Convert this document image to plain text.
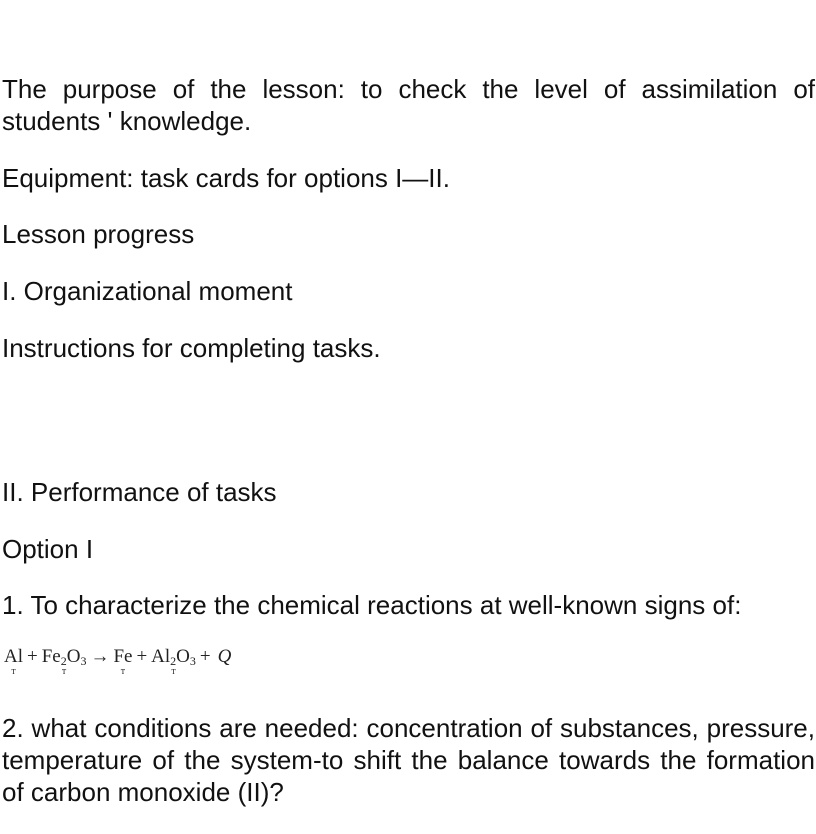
The purpose of the lesson: to check the level of assimilation of students ' knowledge.

Equipment: task cards for options I—II.

Lesson progress

I. Organizational moment

Instructions for completing tasks.

II. Performance of tasks

Option I

1. To characterize the chemical reactions at well-known signs of:

Al
т
+ $Fe_2O_3$
т
→ Fe
т
+ $Al_2O_3$
т
+ Q

2. what conditions are needed: concentration of substances, pressure, temperature of the system-to shift the balance towards the formation of carbon monoxide (II)?
